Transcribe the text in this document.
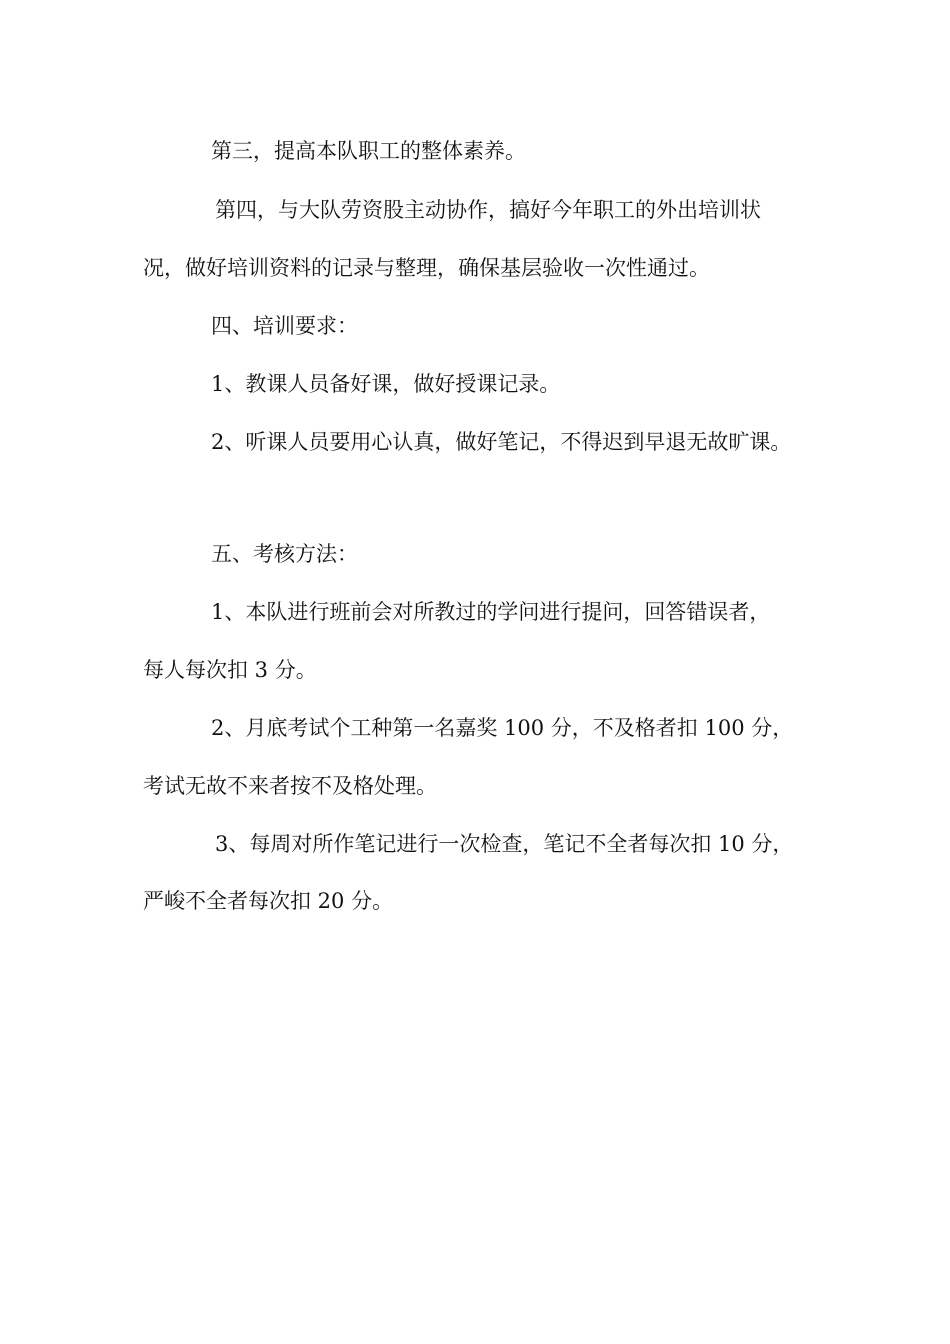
第三，提高本队职工的整体素养。
第四，与大队劳资股主动协作，搞好今年职工的外出培训状
况，做好培训资料的记录与整理，确保基层验收一次性通过。
四、培训要求：
1、教课人员备好课，做好授课记录。
2、听课人员要用心认真，做好笔记，不得迟到早退无故旷课。
五、考核方法：
1、本队进行班前会对所教过的学问进行提问，回答错误者，
每人每次扣 3 分。
2、月底考试个工种第一名嘉奖 100 分，不及格者扣 100 分，
考试无故不来者按不及格处理。
3、每周对所作笔记进行一次检查，笔记不全者每次扣 10 分，
严峻不全者每次扣 20 分。
